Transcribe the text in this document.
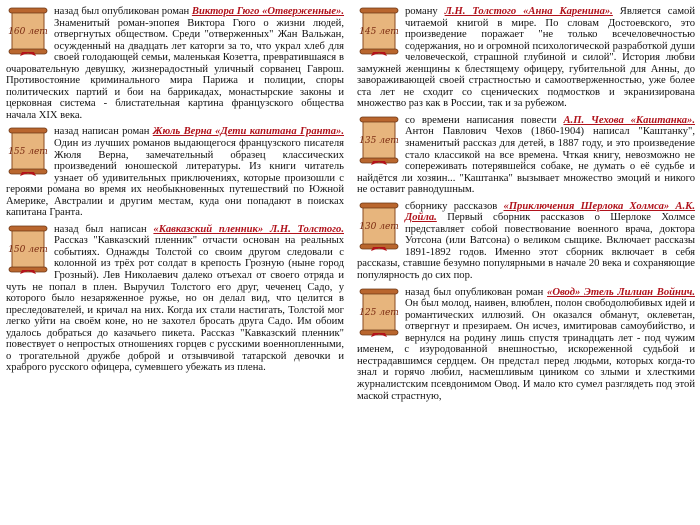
160 лет

назад был опубликован роман Виктора Гюго «Отверженные». Знаменитый роман-эпопея Виктора Гюго о жизни людей, отвергнутых обществом. Среди "отверженных" Жан Вальжан, осужденный на двадцать лет каторги за то, что украл хлеб для своей голодающей семьи, маленькая Козетта, превратившаяся в очаровательную девушку, жизнерадостный уличный сорванец Гаврош. Противостояние криминального мира Парижа и полиции, споры политических партий и бои на баррикадах, монастырские законы и церковная система - блистательная картина французского общества начала XIX века.

155 лет

назад написан роман Жюль Верна «Дети капитана Гранта». Один из лучших романов выдающегося французского писателя Жюля Верна, замечательный образец классических произведений юношеской литературы. Из книги читатель узнает об удивительных приключениях, которые произошли с героями романа во время их необыкновенных путешествий по Южной Америке, Австралии и другим местам, куда они попадают в поисках капитана Гранта.

150 лет

назад был написан «Кавказский пленник» Л.Н. Толстого. Рассказ "Кавказский пленник" отчасти основан на реальных событиях. Однажды Толстой со своим другом следовали с колонной из трёх рот солдат в крепость Грозную (ныне город Грозный). Лев Николаевич далеко отъехал от своего отряда и чуть не попал в плен. Выручил Толстого его друг, чеченец Садо, у которого было незаряженное ружье, но он делал вид, что целится в преследователей, и кричал на них. Когда их стали настигать, Толстой мог легко уйти на своём коне, но не захотел бросать друга Садо. Им обоим удалось добраться до казачьего пикета. Рассказ "Кавказский пленник" повествует о непростых отношениях горцев с русскими военнопленными, о трогательной дружбе доброй и отзывчивой татарской девочки и храброго русского офицера, сумевшего убежать из плена.

145 лет

роману Л.Н. Толстого «Анна Каренина». Является самой читаемой книгой в мире. По словам Достоевского, это произведение поражает "не только всечеловечностью содержания, но и огромной психологической разработкой души человеческой, страшной глубиной и силой". История любви замужней женщины к блестящему офицеру, губительной для Анны, до завораживающей своей страстностью и самоотверженностью, уже более ста лет не сходит со сценических подмостков и экранизирована множество раз как в России, так и за рубежом.

135 лет

со времени написания повести А.П. Чехова «Каштанка». Антон Павлович Чехов (1860-1904) написал "Каштанку", знаменитый рассказ для детей, в 1887 году, и это произведение стало классикой на все времена. Чткая книгу, невозможно не сопереживать потерявшейся собаке, не думать о её судьбе и найдётся ли хозяин... "Каштанка" вызывает множество эмоций и никого не оставит равнодушным.

130 лет

сборнику рассказов «Приключения Шерлока Холмса» А.К. Дойла. Первый сборник рассказов о Шерлоке Холмсе представляет собой повествование военного врача, доктора Уотсона (или Ватсона) о великом сыщике. Включает рассказы 1891-1892 годов. Именно этот сборник включает в себя рассказы, ставшие безумно популярными в начале 20 века и сохраняющие популярность до сих пор.

125 лет

назад был опубликован роман «Овод» Этель Лилиан Войнич. Он был молод, наивен, влюблен, полон свободолюбивых идей и романтических иллюзий. Он оказался обманут, оклеветан, отвергнут и презираем. Он исчез, имитировав самоубийство, и вернулся на родину лишь спустя тринадцать лет - под чужим именем, с изуродованной внешностью, искореженной судьбой и нестрадавшимся сердцем. Он предстал перед людьми, которых когда-то знал и горячо любил, насмешливым циником со злыми и хлесткими журналистским псевдонимом Овод. И мало кто сумел разглядеть под этой маской страстную,
